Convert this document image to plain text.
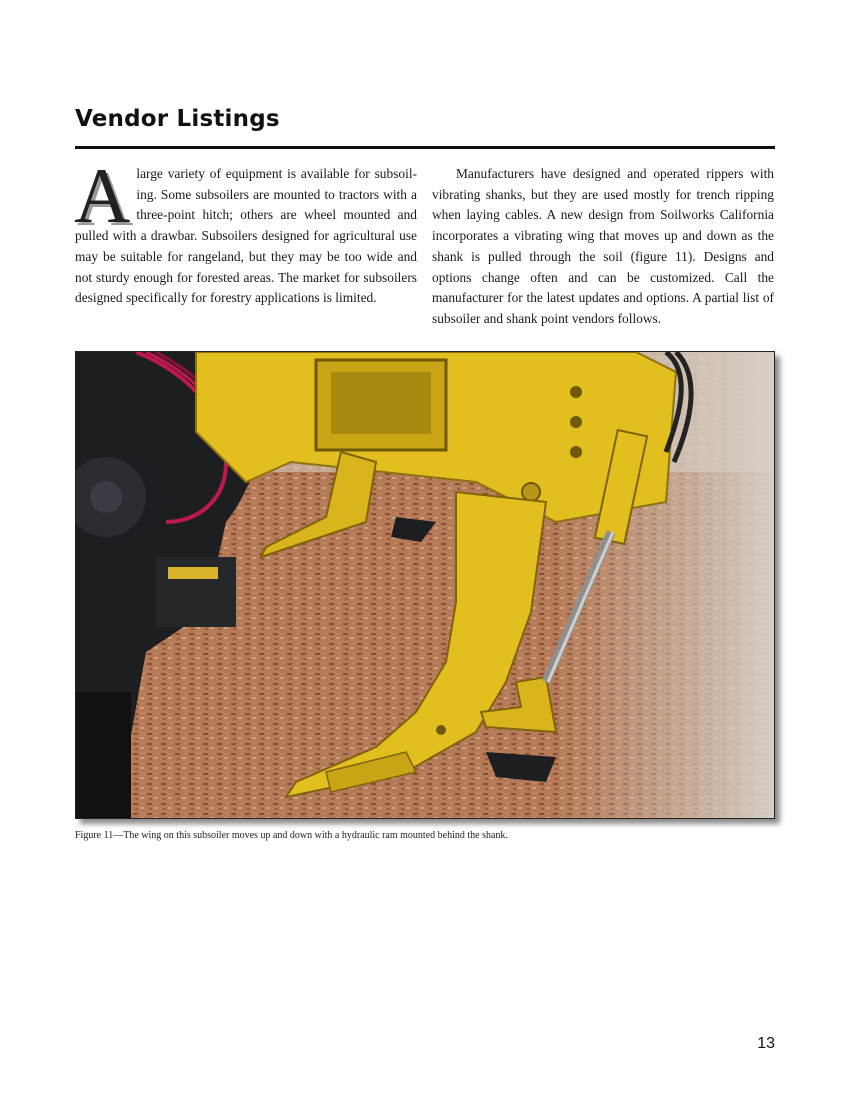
Vendor Listings

Alarge variety of equipment is available for subsoil-ing. Some subsoilers are mounted to tractors with a three-point hitch; others are wheel mounted and pulled with a drawbar. Subsoilers designed for agricultural use may be suitable for rangeland, but they may be too wide and not sturdy enough for forested areas. The market for subsoilers designed specifically for forestry applications is limited.

Manufacturers have designed and operated rippers with vibrating shanks, but they are used mostly for trench ripping when laying cables. A new design from Soilworks California incorporates a vibrating wing that moves up and down as the shank is pulled through the soil (figure 11). Designs and options change often and can be customized. Call the manufacturer for the latest updates and options. A partial list of subsoiler and shank point vendors follows.

Figure 11—The wing on this subsoiler moves up and down with a hydraulic ram mounted behind the shank.

13
